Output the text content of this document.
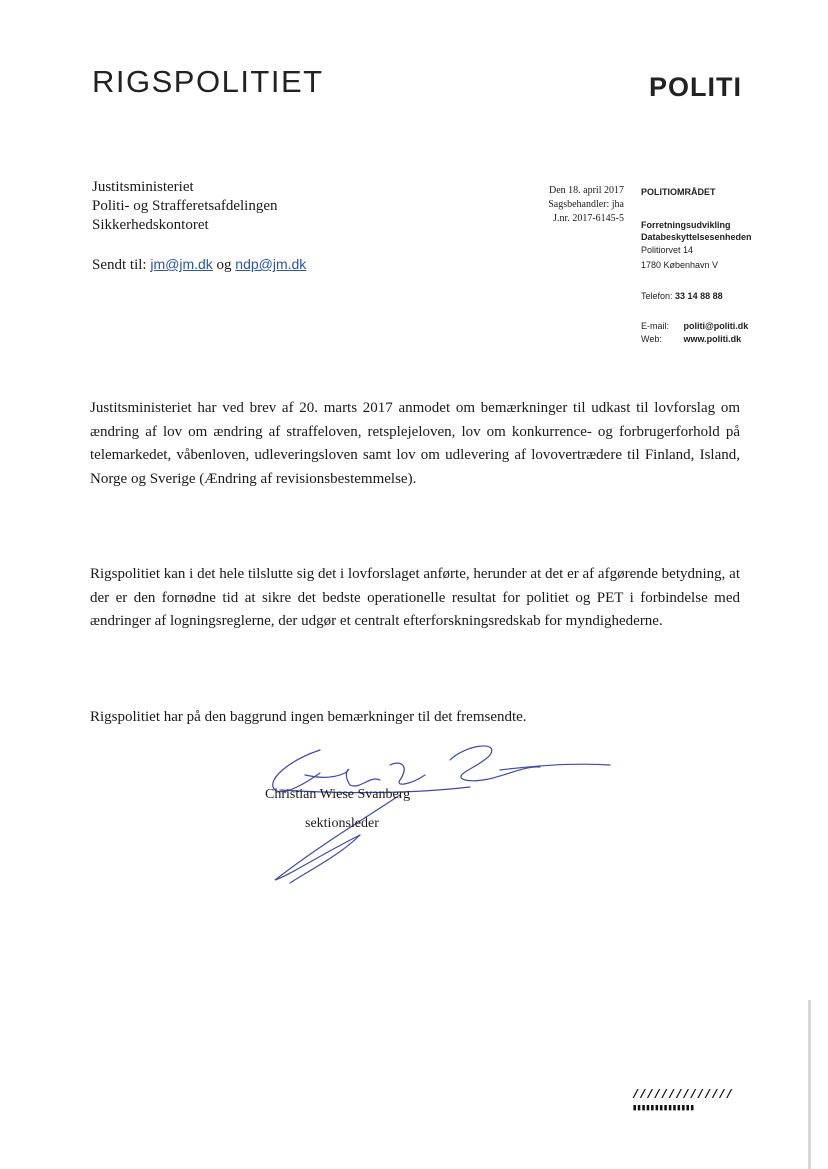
RIGSPOLITIET	POLITI
Justitsministeriet
Politi- og Strafferetsafdelingen
Sikkerhedskontoret
Sendt til: jm@jm.dk og ndp@jm.dk
Den 18. april 2017
Sagsbehandler: jha
J.nr. 2017-6145-5
POLITIOMRÅDET
Forretningsudvikling
Databeskyttelsesenheden
Politiorvet 14
1780 København V
Telefon: 33 14 88 88
E-mail: politi@politi.dk
Web: www.politi.dk
Justitsministeriet har ved brev af 20. marts 2017 anmodet om bemærkninger til udkast til lovforslag om ændring af lov om ændring af straffeloven, retsplejeloven, lov om konkurrence- og forbrugerforhold på telemarkedet, våbenloven, udleveringsloven samt lov om udlevering af lovovertrædere til Finland, Island, Norge og Sverige (Ændring af revisionsbestemmelse).
Rigspolitiet kan i det hele tilslutte sig det i lovforslaget anførte, herunder at det er af afgørende betydning, at der er den fornødne tid at sikre det bedste operationelle resultat for politiet og PET i forbindelse med ændringer af logningsreglerne, der udgør et centralt efterforskningsredskab for myndighederne.
Rigspolitiet har på den baggrund ingen bemærkninger til det fremsendte.
Christian Wiese Svanberg
sektionsleder
//////////////
▮▮▮▮▮▮▮▮▮▮▮▮▮▮
